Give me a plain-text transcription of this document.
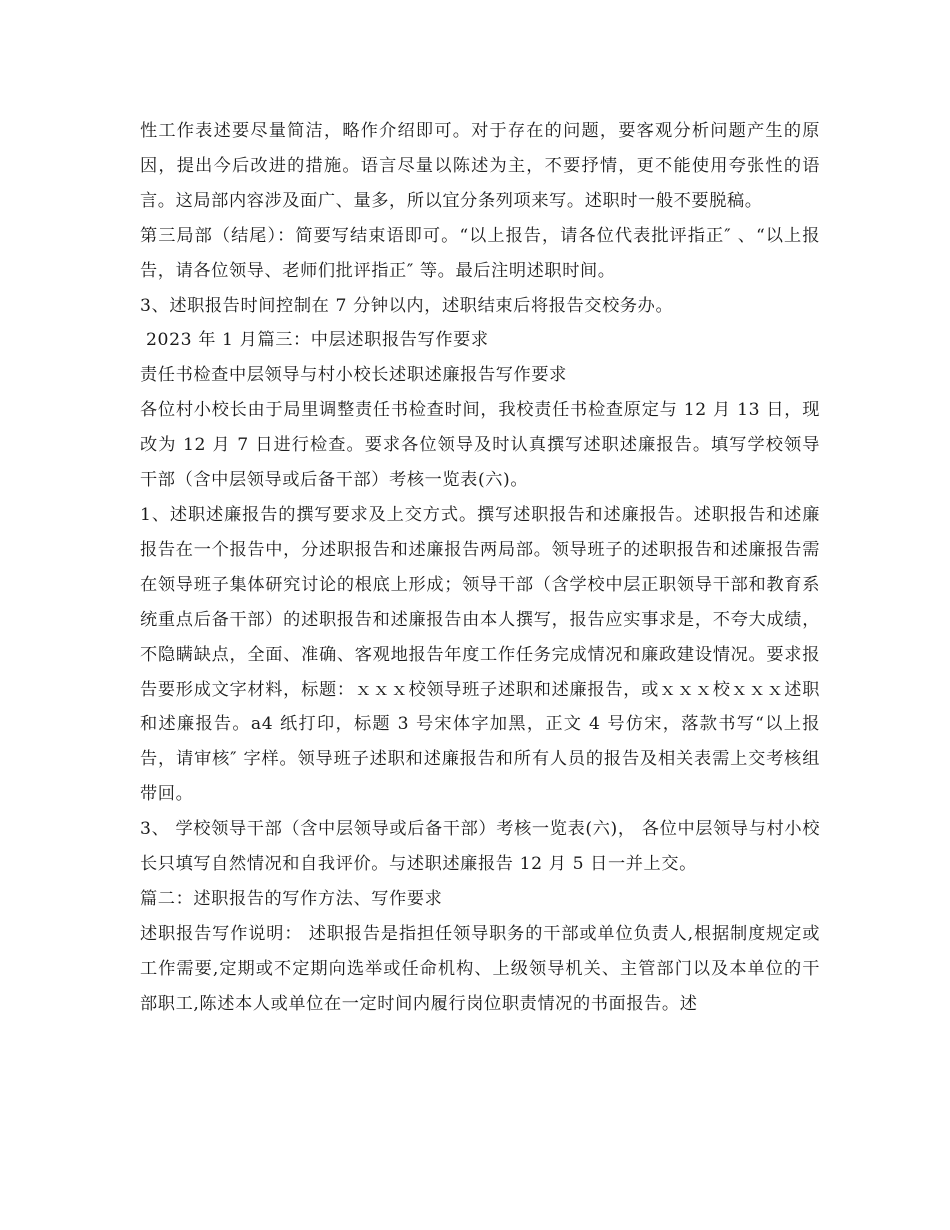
性工作表述要尽量简洁，略作介绍即可。对于存在的问题，要客观分析问题产生的原因，提出今后改进的措施。语言尽量以陈述为主，不要抒情，更不能使用夸张性的语言。这局部内容涉及面广、量多，所以宜分条列项来写。述职时一般不要脱稿。

第三局部（结尾）：简要写结束语即可。“以上报告，请各位代表批评指正″ 、“以上报告，请各位领导、老师们批评指正″ 等。最后注明述职时间。

3、述职报告时间控制在 7 分钟以内，述职结束后将报告交校务办。

2023 年 1 月篇三：中层述职报告写作要求

责任书检查中层领导与村小校长述职述廉报告写作要求

各位村小校长由于局里调整责任书检查时间，我校责任书检查原定与 12 月 13 日，现改为 12 月 7 日进行检查。要求各位领导及时认真撰写述职述廉报告。填写学校领导干部（含中层领导或后备干部）考核一览表(六)。

1、述职述廉报告的撰写要求及上交方式。撰写述职报告和述廉报告。述职报告和述廉报告在一个报告中，分述职报告和述廉报告两局部。领导班子的述职报告和述廉报告需在领导班子集体研究讨论的根底上形成；领导干部（含学校中层正职领导干部和教育系统重点后备干部）的述职报告和述廉报告由本人撰写，报告应实事求是，不夸大成绩，不隐瞒缺点，全面、准确、客观地报告年度工作任务完成情况和廉政建设情况。要求报告要形成文字材料，标题：ｘｘｘ校领导班子述职和述廉报告，或ｘｘｘ校ｘｘｘ述职和述廉报告。a4 纸打印，标题 3 号宋体字加黑，正文 4 号仿宋，落款书写“以上报告，请审核″ 字样。领导班子述职和述廉报告和所有人员的报告及相关表需上交考核组带回。

3、 学校领导干部（含中层领导或后备干部）考核一览表(六)， 各位中层领导与村小校长只填写自然情况和自我评价。与述职述廉报告 12 月 5 日一并上交。

篇二：述职报告的写作方法、写作要求

述职报告写作说明： 述职报告是指担任领导职务的干部或单位负责人,根据制度规定或工作需要,定期或不定期向选举或任命机构、上级领导机关、主管部门以及本单位的干部职工,陈述本人或单位在一定时间内履行岗位职责情况的书面报告。述
